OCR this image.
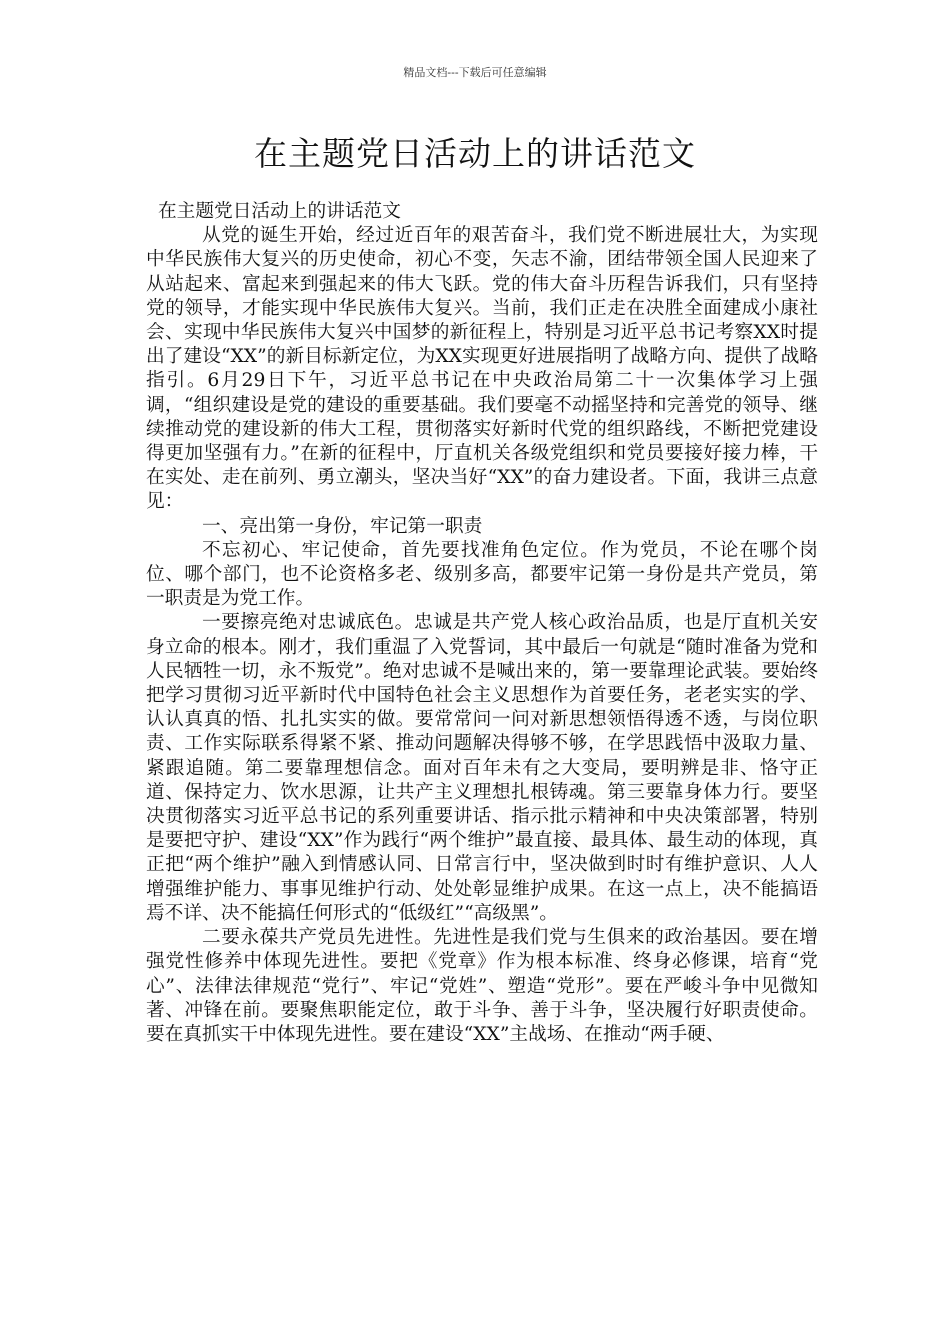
精品文档---下载后可任意编辑
在主题党日活动上的讲话范文

在主题党日活动上的讲话范文

从党的诞生开始，经过近百年的艰苦奋斗，我们党不断进展壮大，为实现中华民族伟大复兴的历史使命，初心不变，矢志不渝，团结带领全国人民迎来了从站起来、富起来到强起来的伟大飞跃。党的伟大奋斗历程告诉我们，只有坚持党的领导，才能实现中华民族伟大复兴。当前，我们正走在决胜全面建成小康社会、实现中华民族伟大复兴中国梦的新征程上，特别是习近平总书记考察XX时提出了建设“XX”的新目标新定位，为XX实现更好进展指明了战略方向、提供了战略指引。6月29日下午，习近平总书记在中央政治局第二十一次集体学习上强调，“组织建设是党的建设的重要基础。我们要毫不动摇坚持和完善党的领导、继续推动党的建设新的伟大工程，贯彻落实好新时代党的组织路线，不断把党建设得更加坚强有力。”在新的征程中，厅直机关各级党组织和党员要接好接力棒，干在实处、走在前列、勇立潮头，坚决当好“XX”的奋力建设者。下面，我讲三点意见：

一、亮出第一身份，牢记第一职责

不忘初心、牢记使命，首先要找准角色定位。作为党员，不论在哪个岗位、哪个部门，也不论资格多老、级别多高，都要牢记第一身份是共产党员，第一职责是为党工作。

一要擦亮绝对忠诚底色。忠诚是共产党人核心政治品质，也是厅直机关安身立命的根本。刚才，我们重温了入党誓词，其中最后一句就是“随时准备为党和人民牺牲一切，永不叛党”。绝对忠诚不是喊出来的，第一要靠理论武装。要始终把学习贯彻习近平新时代中国特色社会主义思想作为首要任务，老老实实的学、认认真真的悟、扎扎实实的做。要常常问一问对新思想领悟得透不透，与岗位职责、工作实际联系得紧不紧、推动问题解决得够不够，在学思践悟中汲取力量、紧跟追随。第二要靠理想信念。面对百年未有之大变局，要明辨是非、恪守正道、保持定力、饮水思源，让共产主义理想扎根铸魂。第三要靠身体力行。要坚决贯彻落实习近平总书记的系列重要讲话、指示批示精神和中央决策部署，特别是要把守护、建设“XX”作为践行“两个维护”最直接、最具体、最生动的体现，真正把“两个维护”融入到情感认同、日常言行中，坚决做到时时有维护意识、人人增强维护能力、事事见维护行动、处处彰显维护成果。在这一点上，决不能搞语焉不详、决不能搞任何形式的“低级红”“高级黑”。

二要永葆共产党员先进性。先进性是我们党与生俱来的政治基因。要在增强党性修养中体现先进性。要把《党章》作为根本标准、终身必修课，培育“党心”、法律法律规范“党行”、牢记“党姓”、塑造“党形”。要在严峻斗争中见微知著、冲锋在前。要聚焦职能定位，敢于斗争、善于斗争，坚决履行好职责使命。要在真抓实干中体现先进性。要在建设“XX”主战场、在推动“两手硬、
